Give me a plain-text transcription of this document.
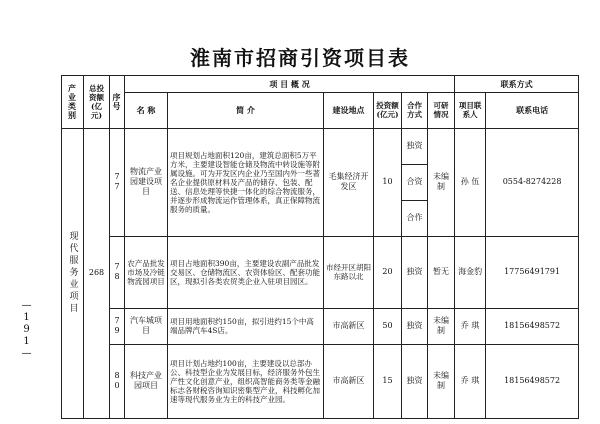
淮南市招商引资项目表
—191—
产业类别	总投资额(亿元)	序号	项 目 概 况						联系方式	
			名 称	简 介	建设地点	投资额(亿元)	合作方式	可研情况	项目联系人	联系电话

现代服务业项目	268	77	物流产业园建设项目	项目规划占地面积120亩，建筑总面积5万平方米，主要建设智能仓储及物流中转设施等附属设施。可为开发区内企业乃至国内外一些著名企业提供原材料及产品的储存、包装、配送、信息处理等快捷一体化的综合物流服务，并逐步形成物流运作管理体系，真正保障物流服务的质量。	毛集经济开发区	10	独资	未编制	孙 伍	0554-8274228
							合资			
							合作			
		78	农产品批发市场及冷链物流园项目	项目占地面积390亩，主要建设农副产品批发交易区、仓储物流区、农资体验区、配套功能区，现拟引各类农贸类企业入驻项目园区。	市经开区胡阳东路以北	20	独资	暂无	海金豹	17756491791
		79	汽车城项目	项目用地面积约150亩，拟引进约15个中高端品牌汽车4S店。	市高新区	50	独资	未编制	乔 琪	18156498572
		80	科技产业园项目	项目计划占地约100亩，主要建设以总部办公、科技型企业为发展目标，经济服务外包生产性文化创意产业，组织高智能商务类等金融标志各财税咨询知识密集型产业，科技孵化加速等现代服务业为主的科技产业园。	市高新区	15	独资	未编制	乔 琪	18156498572
